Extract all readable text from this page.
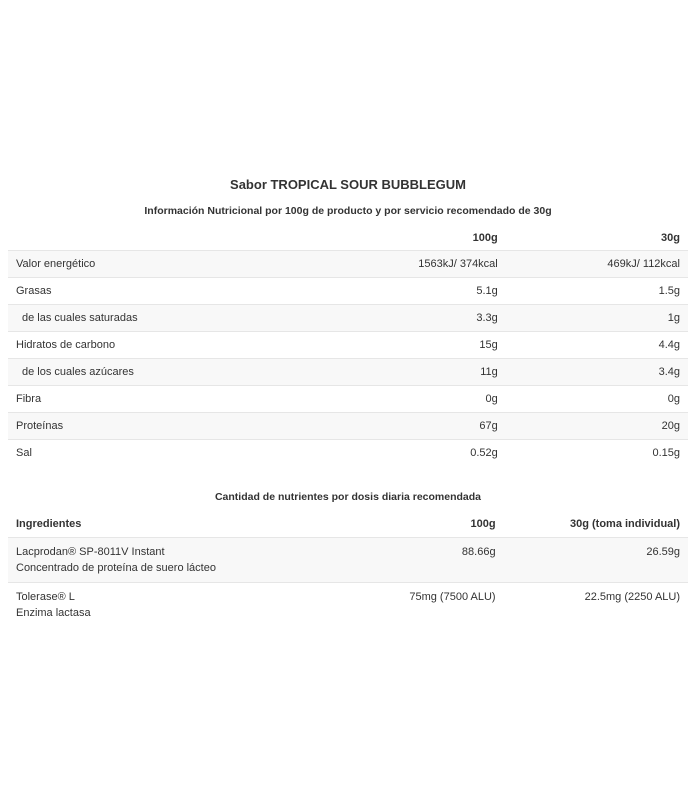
Sabor TROPICAL SOUR BUBBLEGUM
Información Nutricional por 100g de producto y por servicio recomendado de 30g
	100g	30g
Valor energético	1563kJ/ 374kcal	469kJ/ 112kcal
Grasas	5.1g	1.5g
de las cuales saturadas	3.3g	1g
Hidratos de carbono	15g	4.4g
de los cuales azúcares	11g	3.4g
Fibra	0g	0g
Proteínas	67g	20g
Sal	0.52g	0.15g
Cantidad de nutrientes por dosis diaria recomendada
Ingredientes	100g	30g (toma individual)

Lacprodan® SP-8011V Instant
Concentrado de proteína de suero lácteo	88.66g	26.59g

Tolerase® L
Enzima lactasa	75mg (7500 ALU)	22.5mg (2250 ALU)
